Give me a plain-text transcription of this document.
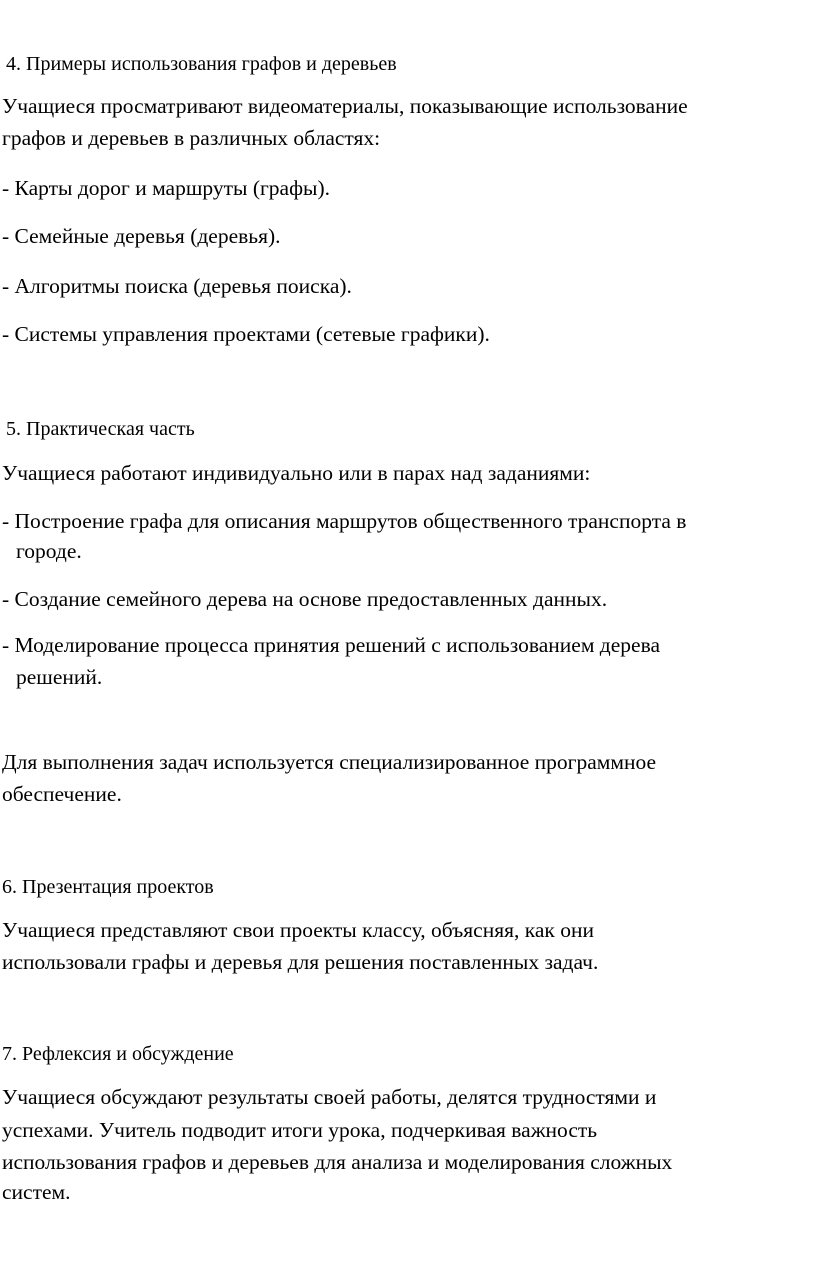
4. Примеры использования графов и деревьев
Учащиеся просматривают видеоматериалы, показывающие использование
графов и деревьев в различных областях:
- Карты дорог и маршруты (графы).
- Семейные деревья (деревья).
- Алгоритмы поиска (деревья поиска).
- Системы управления проектами (сетевые графики).
5. Практическая часть
Учащиеся работают индивидуально или в парах над заданиями:
- Построение графа для описания маршрутов общественного транспорта в
городе.
- Создание семейного дерева на основе предоставленных данных.
- Моделирование процесса принятия решений с использованием дерева
решений.
Для выполнения задач используется специализированное программное
обеспечение.
6. Презентация проектов
Учащиеся представляют свои проекты классу, объясняя, как они
использовали графы и деревья для решения поставленных задач.
7. Рефлексия и обсуждение
Учащиеся обсуждают результаты своей работы, делятся трудностями и
успехами. Учитель подводит итоги урока, подчеркивая важность
использования графов и деревьев для анализа и моделирования сложных
систем.
